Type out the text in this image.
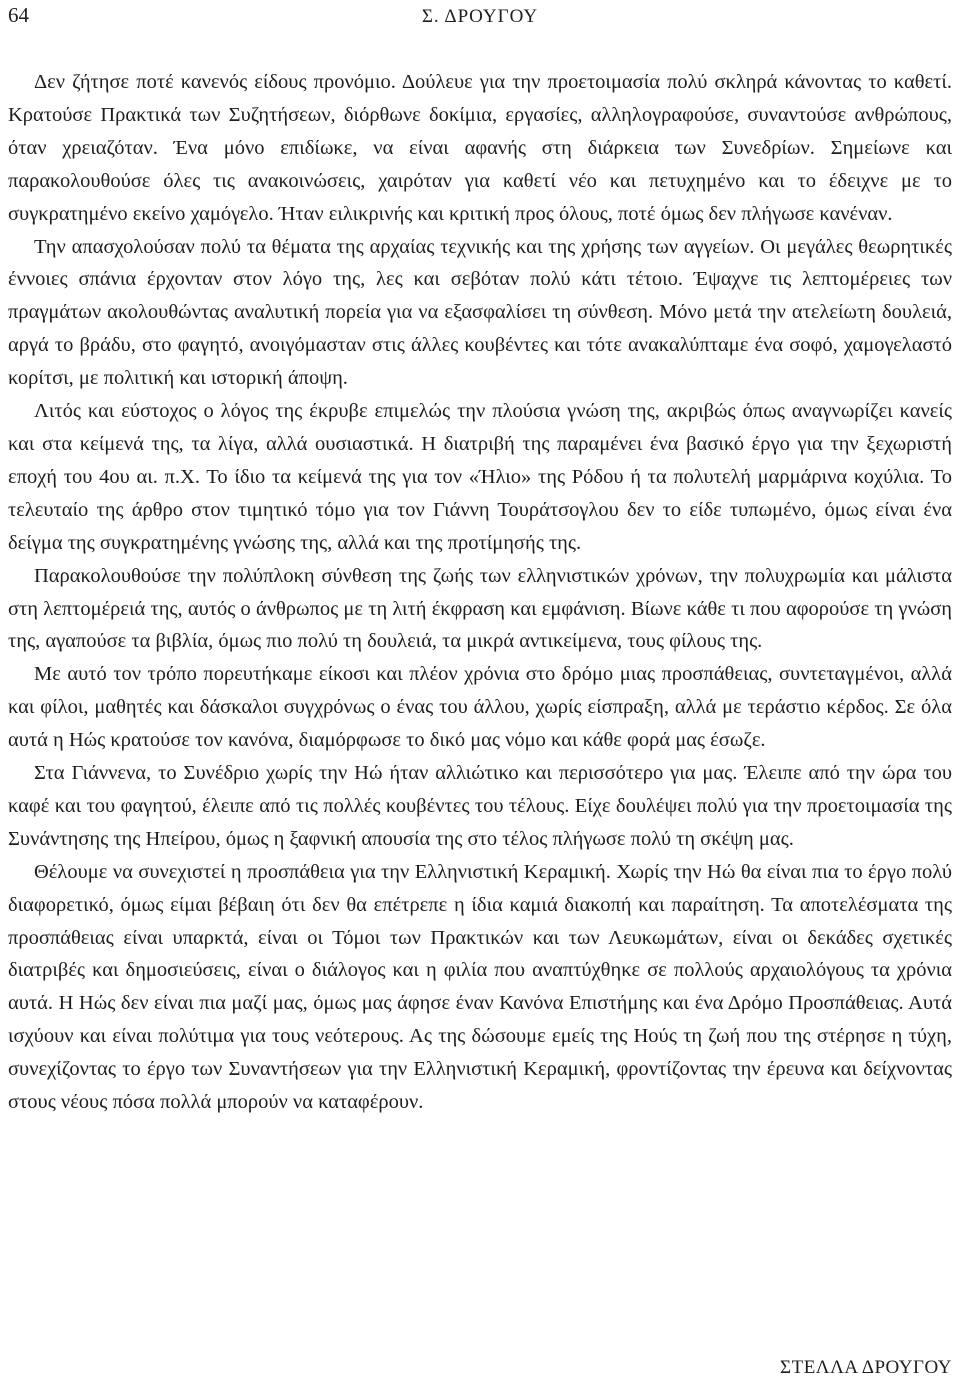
64	Σ. ΔΡΟΥΓΟΥ

Δεν ζήτησε ποτέ κανενός είδους προνόμιο. Δούλευε για την προετοιμασία πολύ σκληρά κάνοντας το καθετί. Κρατούσε Πρακτικά των Συζητήσεων, διόρθωνε δοκίμια, εργασίες, αλληλογραφούσε, συναντούσε ανθρώπους, όταν χρειαζόταν. Ένα μόνο επιδίωκε, να είναι αφανής στη διάρκεια των Συνεδρίων. Σημείωνε και παρακολουθούσε όλες τις ανακοινώσεις, χαιρόταν για καθετί νέο και πετυχημένο και το έδειχνε με το συγκρατημένο εκείνο χαμόγελο. Ήταν ειλικρινής και κριτική προς όλους, ποτέ όμως δεν πλήγωσε κανέναν.

Την απασχολούσαν πολύ τα θέματα της αρχαίας τεχνικής και της χρήσης των αγγείων. Οι μεγάλες θεωρητικές έννοιες σπάνια έρχονταν στον λόγο της, λες και σεβόταν πολύ κάτι τέτοιο. Έψαχνε τις λεπτομέρειες των πραγμάτων ακολουθώντας αναλυτική πορεία για να εξασφαλίσει τη σύνθεση. Μόνο μετά την ατελείωτη δουλειά, αργά το βράδυ, στο φαγητό, ανοιγόμασταν στις άλλες κουβέντες και τότε ανακαλύπταμε ένα σοφό, χαμογελαστό κορίτσι, με πολιτική και ιστορική άποψη.

Λιτός και εύστοχος ο λόγος της έκρυβε επιμελώς την πλούσια γνώση της, ακριβώς όπως αναγνωρίζει κανείς και στα κείμενά της, τα λίγα, αλλά ουσιαστικά. Η διατριβή της παραμένει ένα βασικό έργο για την ξεχωριστή εποχή του 4ου αι. π.Χ. Το ίδιο τα κείμενά της για τον «Ήλιο» της Ρόδου ή τα πολυτελή μαρμάρινα κοχύλια. Το τελευταίο της άρθρο στον τιμητικό τόμο για τον Γιάννη Τουράτσογλου δεν το είδε τυπωμένο, όμως είναι ένα δείγμα της συγκρατημένης γνώσης της, αλλά και της προτίμησής της.

Παρακολουθούσε την πολύπλοκη σύνθεση της ζωής των ελληνιστικών χρόνων, την πολυχρωμία και μάλιστα στη λεπτομέρειά της, αυτός ο άνθρωπος με τη λιτή έκφραση και εμφάνιση. Βίωνε κάθε τι που αφορούσε τη γνώση της, αγαπούσε τα βιβλία, όμως πιο πολύ τη δουλειά, τα μικρά αντικείμενα, τους φίλους της.

Με αυτό τον τρόπο πορευτήκαμε είκοσι και πλέον χρόνια στο δρόμο μιας προσπάθειας, συντεταγμένοι, αλλά και φίλοι, μαθητές και δάσκαλοι συγχρόνως ο ένας του άλλου, χωρίς είσπραξη, αλλά με τεράστιο κέρδος. Σε όλα αυτά η Ηώς κρατούσε τον κανόνα, διαμόρφωσε το δικό μας νόμο και κάθε φορά μας έσωζε.

Στα Γιάννενα, το Συνέδριο χωρίς την Ηώ ήταν αλλιώτικο και περισσότερο για μας. Έλειπε από την ώρα του καφέ και του φαγητού, έλειπε από τις πολλές κουβέντες του τέλους. Είχε δουλέψει πολύ για την προετοιμασία της Συνάντησης της Ηπείρου, όμως η ξαφνική απουσία της στο τέλος πλήγωσε πολύ τη σκέψη μας.

Θέλουμε να συνεχιστεί η προσπάθεια για την Ελληνιστική Κεραμική. Χωρίς την Ηώ θα είναι πια το έργο πολύ διαφορετικό, όμως είμαι βέβαιη ότι δεν θα επέτρεπε η ίδια καμιά διακοπή και παραίτηση. Τα αποτελέσματα της προσπάθειας είναι υπαρκτά, είναι οι Τόμοι των Πρακτικών και των Λευκωμάτων, είναι οι δεκάδες σχετικές διατριβές και δημοσιεύσεις, είναι ο διάλογος και η φιλία που αναπτύχθηκε σε πολλούς αρχαιολόγους τα χρόνια αυτά. Η Ηώς δεν είναι πια μαζί μας, όμως μας άφησε έναν Κανόνα Επιστήμης και ένα Δρόμο Προσπάθειας. Αυτά ισχύουν και είναι πολύτιμα για τους νεότερους. Ας της δώσουμε εμείς της Ηούς τη ζωή που της στέρησε η τύχη, συνεχίζοντας το έργο των Συναντήσεων για την Ελληνιστική Κεραμική, φροντίζοντας την έρευνα και δείχνοντας στους νέους πόσα πολλά μπορούν να καταφέρουν.

ΣΤΕΛΛΑ ΔΡΟΥΓΟΥ
